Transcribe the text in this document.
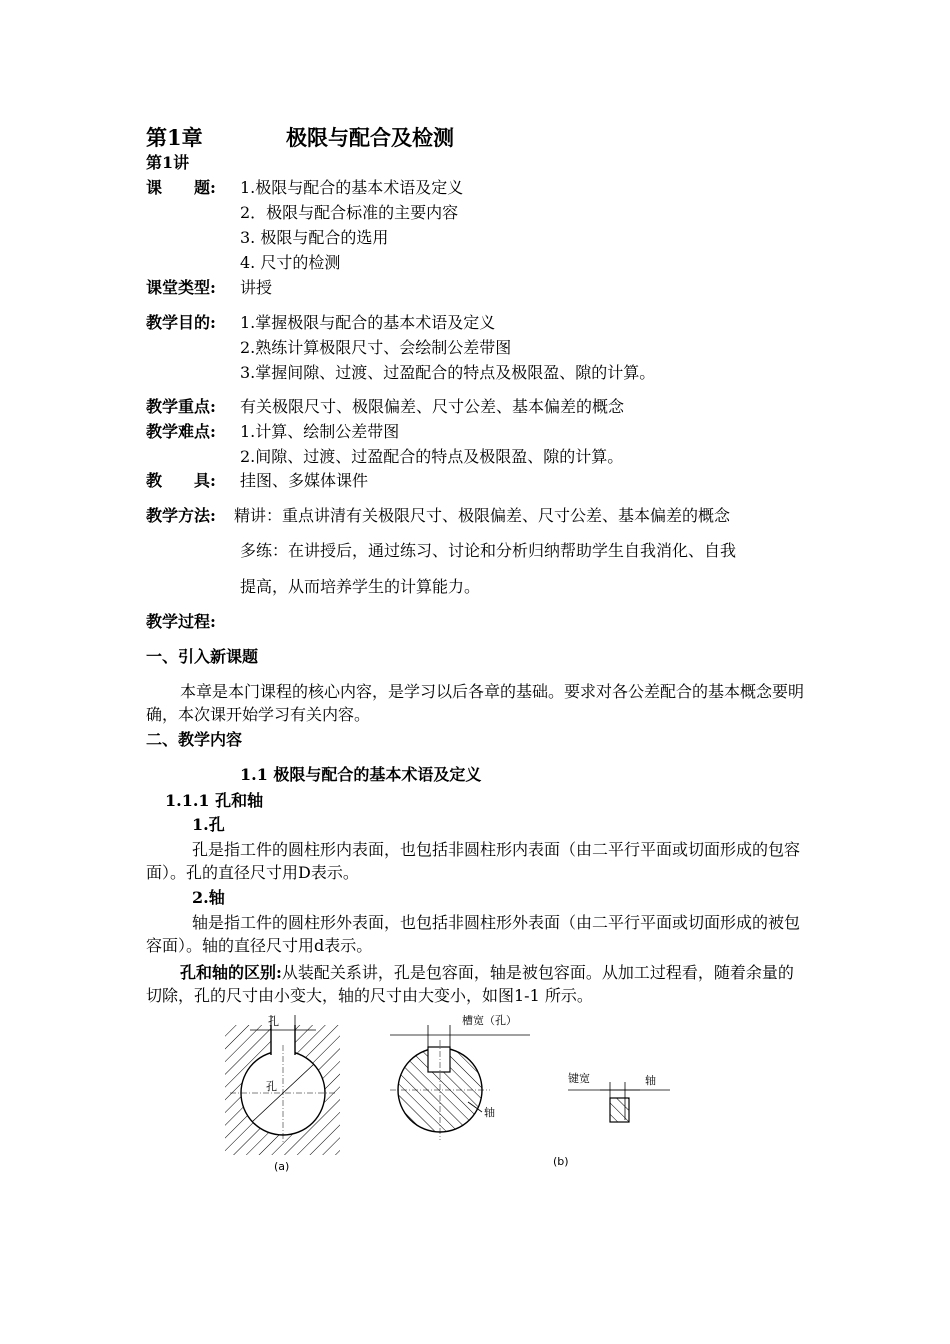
第1章	极限与配合及检测
第1讲
课　　题: 1.极限与配合的基本术语及定义
2．极限与配合标准的主要内容
3. 极限与配合的选用
4. 尺寸的检测
课堂类型: 讲授
教学目的: 1.掌握极限与配合的基本术语及定义
2.熟练计算极限尺寸、会绘制公差带图
3.掌握间隙、过渡、过盈配合的特点及极限盈、隙的计算。
教学重点: 有关极限尺寸、极限偏差、尺寸公差、基本偏差的概念
教学难点: 1.计算、绘制公差带图
2.间隙、过渡、过盈配合的特点及极限盈、隙的计算。
教　　具: 挂图、多媒体课件
教学方法: 精讲：重点讲清有关极限尺寸、极限偏差、尺寸公差、基本偏差的概念
多练：在讲授后，通过练习、讨论和分析归纳帮助学生自我消化、自我
提高，从而培养学生的计算能力。
教学过程:
一、引入新课题
本章是本门课程的核心内容，是学习以后各章的基础。要求对各公差配合的基本概念要明确，本次课开始学习有关内容。
二、教学内容
1.1 极限与配合的基本术语及定义
1.1.1 孔和轴
1.孔
孔是指工件的圆柱形内表面，也包括非圆柱形内表面（由二平行平面或切面形成的包容面）。孔的直径尺寸用D表示。
2.轴
轴是指工件的圆柱形外表面，也包括非圆柱形外表面（由二平行平面或切面形成的被包容面）。轴的直径尺寸用d表示。
孔和轴的区别:从装配关系讲，孔是包容面，轴是被包容面。从加工过程看，随着余量的切除，孔的尺寸由小变大，轴的尺寸由大变小，如图1-1 所示。
孔
孔
(a)
槽宽（孔）
轴
键宽	轴
(b)
